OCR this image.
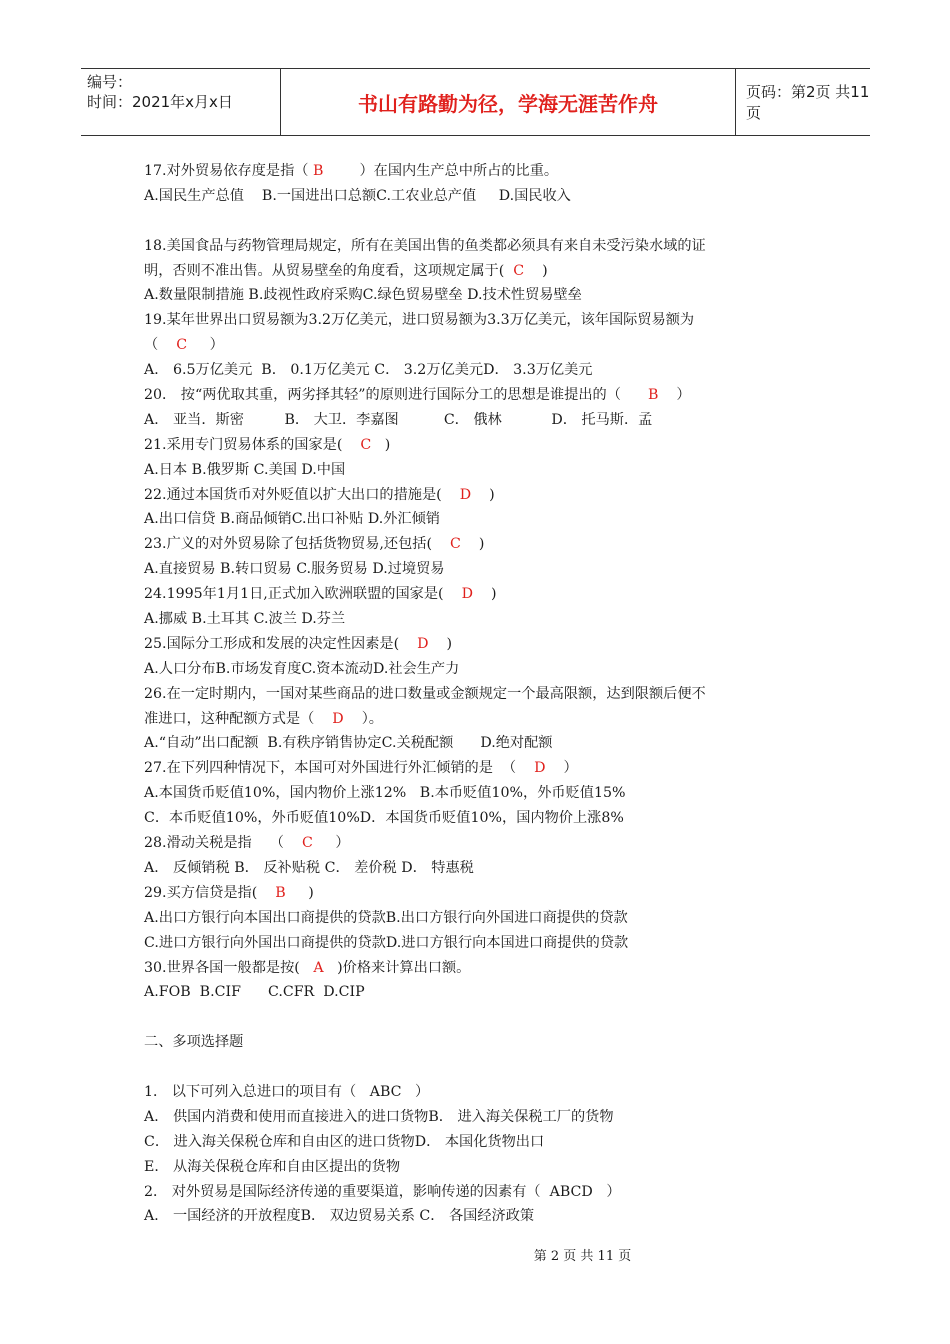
编号：
时间：2021年x月x日	书山有路勤为径，学海无涯苦作舟	页码：第2页 共11页
17.对外贸易依存度是指（ B        ）在国内生产总中所占的比重。
A.国民生产总值    B.一国进出口总额C.工农业总产值     D.国民收入
18.美国食品与药物管理局规定，所有在美国出售的鱼类都必须具有来自未受污染水域的证
明，否则不准出售。从贸易壁垒的角度看，这项规定属于(  C    )
A.数量限制措施 B.歧视性政府采购C.绿色贸易壁垒 D.技术性贸易壁垒
19.某年世界出口贸易额为3.2万亿美元，进口贸易额为3.3万亿美元，该年国际贸易额为
（    C     ）
A． 6.5万亿美元  B． 0.1万亿美元 C． 3.2万亿美元D． 3.3万亿美元
20． 按“两优取其重，两劣择其轻”的原则进行国际分工的思想是谁提出的（      B    ）
A． 亚当．斯密         B． 大卫．李嘉图          C． 俄林           D． 托马斯．孟
21.采用专门贸易体系的国家是(    C   )
A.日本 B.俄罗斯 C.美国 D.中国
22.通过本国货币对外贬值以扩大出口的措施是(    D    )
A.出口信贷 B.商品倾销C.出口补贴 D.外汇倾销
23.广义的对外贸易除了包括货物贸易,还包括(    C    )
A.直接贸易 B.转口贸易 C.服务贸易 D.过境贸易
24.1995年1月1日,正式加入欧洲联盟的国家是(    D    )
A.挪威 B.土耳其 C.波兰 D.芬兰
25.国际分工形成和发展的决定性因素是(    D    )
A.人口分布B.市场发育度C.资本流动D.社会生产力
26.在一定时期内，一国对某些商品的进口数量或金额规定一个最高限额，达到限额后便不
准进口，这种配额方式是（    D    ）。
A.“自动”出口配额  B.有秩序销售协定C.关税配额      D.绝对配额
27.在下列四种情况下，本国可对外国进行外汇倾销的是  （    D    ）
A.本国货币贬值10%，国内物价上涨12%   B.本币贬值10%，外币贬值15%
C．本币贬值10%，外币贬值10%D．本国货币贬值10%，国内物价上涨8%
28.滑动关税是指    （    C     ）
A． 反倾销税 B． 反补贴税 C． 差价税 D． 特惠税
29.买方信贷是指(    B     )
A.出口方银行向本国出口商提供的贷款B.出口方银行向外国进口商提供的贷款
C.进口方银行向外国出口商提供的贷款D.进口方银行向本国进口商提供的贷款
30.世界各国一般都是按(   A   )价格来计算出口额。
A.FOB  B.CIF      C.CFR  D.CIP
二、多项选择题
1． 以下可列入总进口的项目有（   ABC   ）
A． 供国内消费和使用而直接进入的进口货物B． 进入海关保税工厂的货物
C． 进入海关保税仓库和自由区的进口货物D． 本国化货物出口
E． 从海关保税仓库和自由区提出的货物
2． 对外贸易是国际经济传递的重要渠道，影响传递的因素有（  ABCD   ）
A． 一国经济的开放程度B． 双边贸易关系 C． 各国经济政策
第 2 页 共 11 页
